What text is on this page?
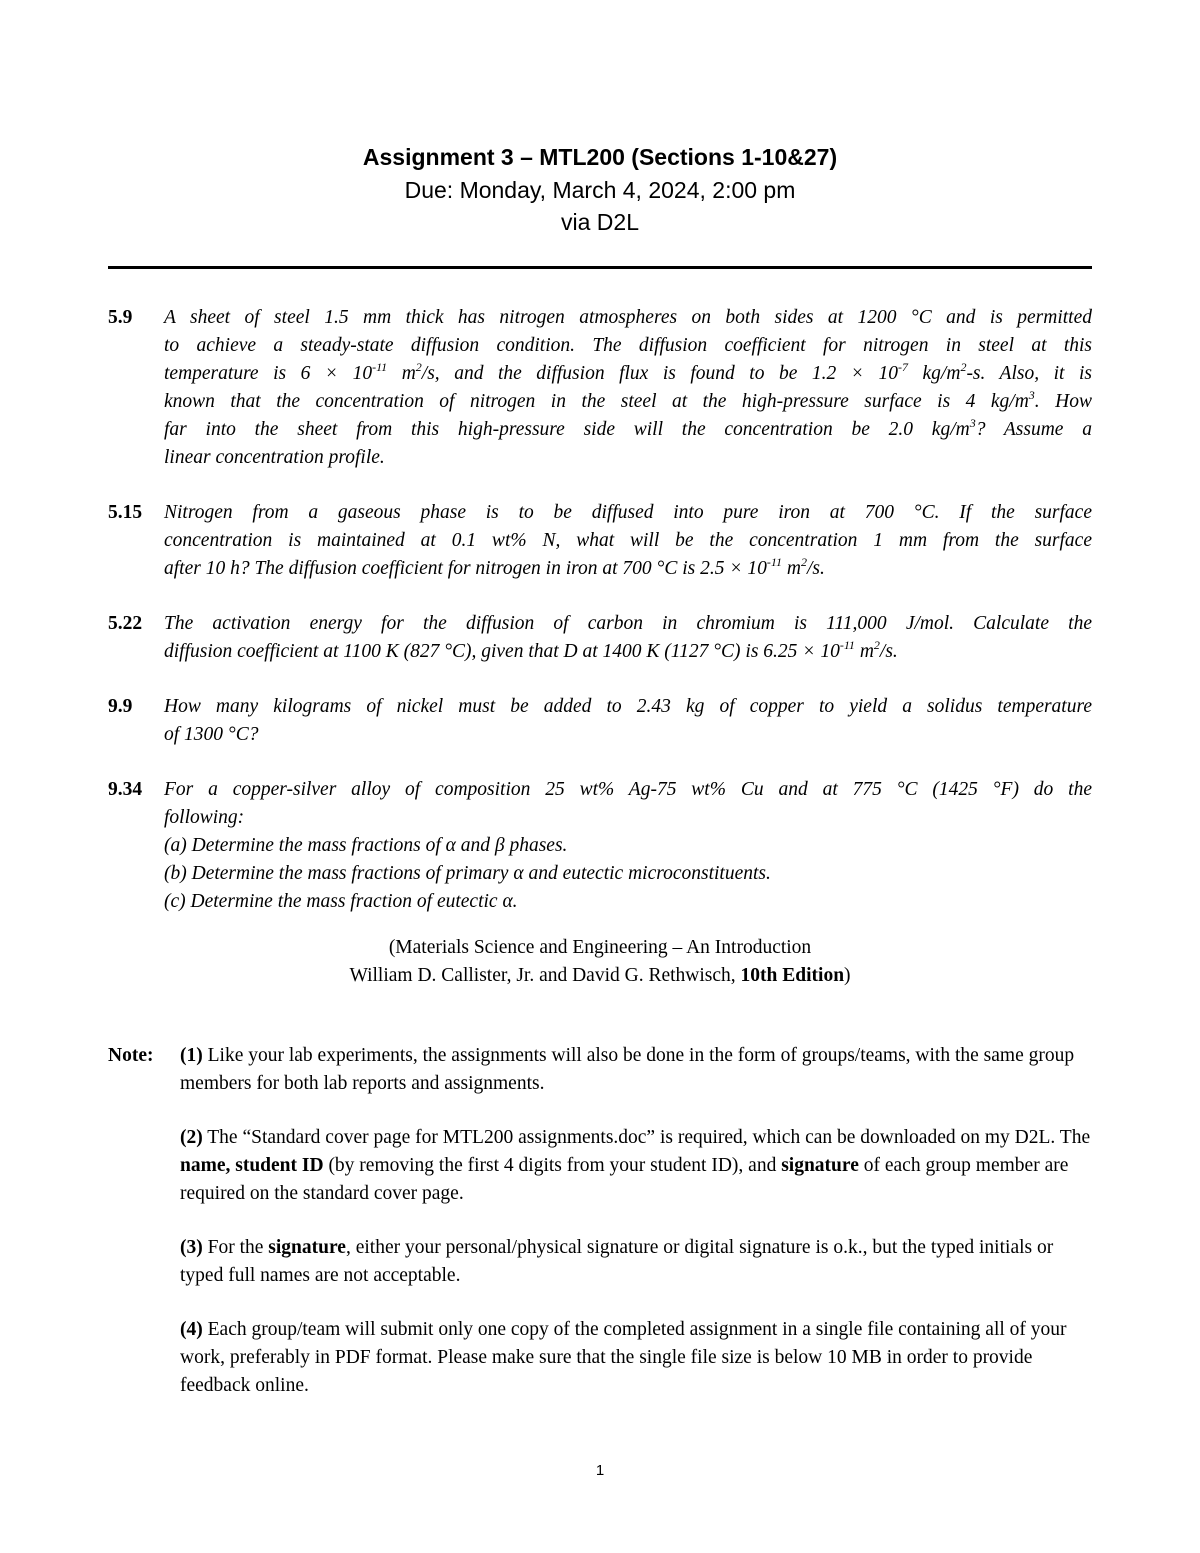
Assignment 3 – MTL200 (Sections 1-10&27)
Due: Monday, March 4, 2024, 2:00 pm
via D2L
5.9	A sheet of steel 1.5 mm thick has nitrogen atmospheres on both sides at 1200 °C and is permitted
to achieve a steady-state diffusion condition. The diffusion coefficient for nitrogen in steel at this
temperature is $6 \times 10^{-11}$ $m^2/s$, and the diffusion flux is found to be $1.2 \times 10^{-7}$ $kg/m^2-s$. Also, it is
known that the concentration of nitrogen in the steel at the high-pressure surface is 4 $kg/m^3$. How
far into the sheet from this high-pressure side will the concentration be 2.0 $kg/m^3$? Assume a
linear concentration profile.
5.15	Nitrogen from a gaseous phase is to be diffused into pure iron at 700 °C. If the surface
concentration is maintained at 0.1 wt% N, what will be the concentration 1 mm from the surface
after 10 h? The diffusion coefficient for nitrogen in iron at 700 °C is $2.5 \times 10^{-11}$ $m^2/s$.
5.22	The activation energy for the diffusion of carbon in chromium is 111,000 J/mol. Calculate the
diffusion coefficient at 1100 K (827 °C), given that D at 1400 K (1127 °C) is $6.25 \times 10^{-11}$ $m^2/s$.
9.9	How many kilograms of nickel must be added to 2.43 kg of copper to yield a solidus temperature
of 1300 °C?
9.34	For a copper-silver alloy of composition 25 wt% Ag-75 wt% Cu and at 775 °C (1425 °F) do the
following:
(a) Determine the mass fractions of α and β phases.
(b) Determine the mass fractions of primary α and eutectic microconstituents.
(c) Determine the mass fraction of eutectic α.
(Materials Science and Engineering – An Introduction
William D. Callister, Jr. and David G. Rethwisch, 10th Edition)
Note: (1) Like your lab experiments, the assignments will also be done in the form of groups/teams, with the same group members for both lab reports and assignments.
(2) The “Standard cover page for MTL200 assignments.doc” is required, which can be downloaded on my D2L. The name, student ID (by removing the first 4 digits from your student ID), and signature of each group member are required on the standard cover page.
(3) For the signature, either your personal/physical signature or digital signature is o.k., but the typed initials or typed full names are not acceptable.
(4) Each group/team will submit only one copy of the completed assignment in a single file containing all of your work, preferably in PDF format. Please make sure that the single file size is below 10 MB in order to provide feedback online.
1
